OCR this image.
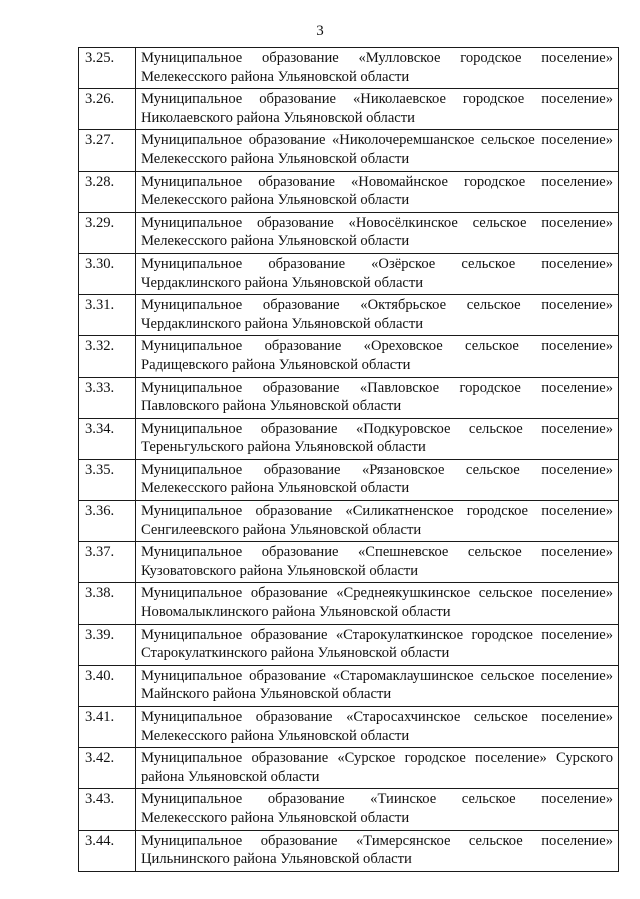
3
3.25.	Муниципальное образование «Мулловское городское поселение» Мелекесского района Ульяновской области
3.26.	Муниципальное образование «Николаевское городское поселение» Николаевского района Ульяновской области
3.27.	Муниципальное образование «Николочеремшанское сельское поселение» Мелекесского района Ульяновской области
3.28.	Муниципальное образование «Новомайнское городское поселение» Мелекесского района Ульяновской области
3.29.	Муниципальное образование «Новосёлкинское сельское поселение» Мелекесского района Ульяновской области
3.30.	Муниципальное образование «Озёрское сельское поселение» Чердаклинского района Ульяновской области
3.31.	Муниципальное образование «Октябрьское сельское поселение» Чердаклинского района Ульяновской области
3.32.	Муниципальное образование «Ореховское сельское поселение» Радищевского района Ульяновской области
3.33.	Муниципальное образование «Павловское городское поселение» Павловского района Ульяновской области
3.34.	Муниципальное образование «Подкуровское сельское поселение» Тереньгульского района Ульяновской области
3.35.	Муниципальное образование «Рязановское сельское поселение» Мелекесского района Ульяновской области
3.36.	Муниципальное образование «Силикатненское городское поселение» Сенгилеевского района Ульяновской области
3.37.	Муниципальное образование «Спешневское сельское поселение» Кузоватовского района Ульяновской области
3.38.	Муниципальное образование «Среднеякушкинское сельское поселение» Новомалыклинского района Ульяновской области
3.39.	Муниципальное образование «Старокулаткинское городское поселение» Старокулаткинского района Ульяновской области
3.40.	Муниципальное образование «Старомаклаушинское сельское поселение» Майнского района Ульяновской области
3.41.	Муниципальное образование «Старосахчинское сельское поселение» Мелекесского района Ульяновской области
3.42.	Муниципальное образование «Сурское городское поселение» Сурского района Ульяновской области
3.43.	Муниципальное образование «Тиинское сельское поселение» Мелекесского района Ульяновской области
3.44.	Муниципальное образование «Тимерсянское сельское поселение» Цильнинского района Ульяновской области
